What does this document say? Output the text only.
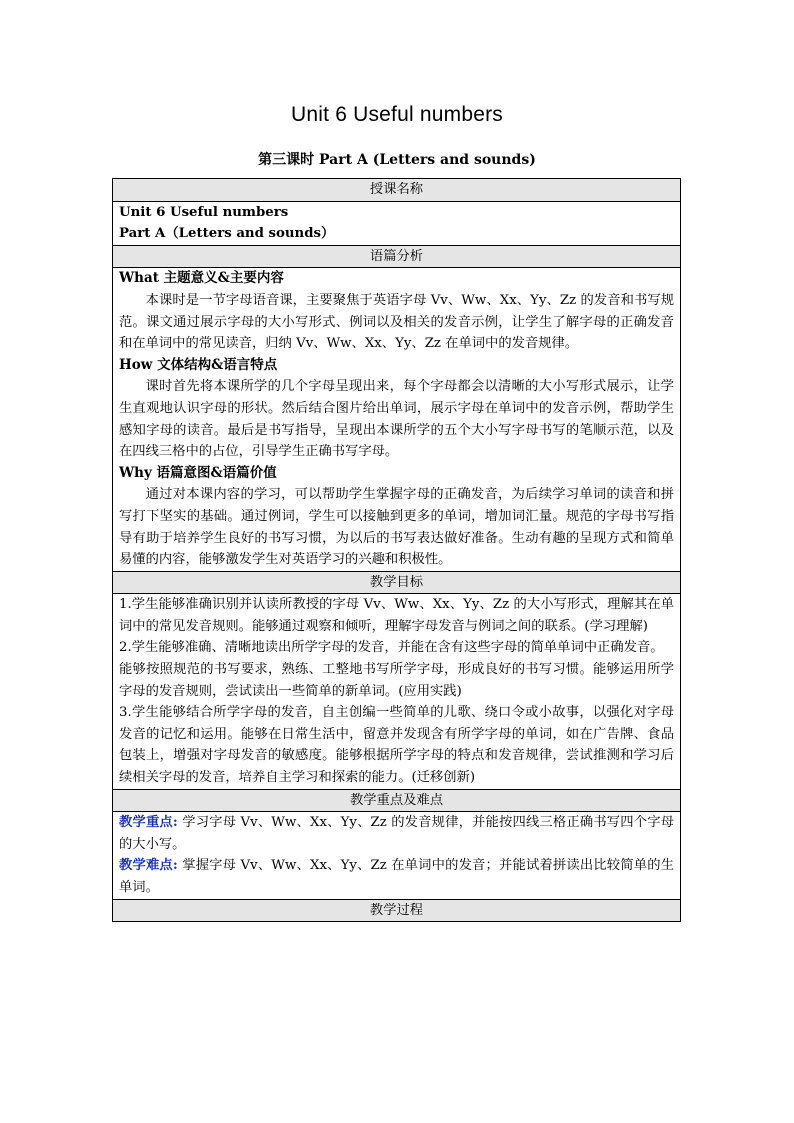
Unit 6 Useful numbers
第三课时 Part A (Letters and sounds)
授课名称

Unit 6 Useful numbers

Part A（Letters and sounds）

语篇分析

What 主题意义&主要内容

本课时是一节字母语音课，主要聚焦于英语字母 Vv、Ww、Xx、Yy、Zz 的发音和书写规范。课文通过展示字母的大小写形式、例词以及相关的发音示例，让学生了解字母的正确发音和在单词中的常见读音，归纳 Vv、Ww、Xx、Yy、Zz 在单词中的发音规律。

How 文体结构&语言特点

课时首先将本课所学的几个字母呈现出来，每个字母都会以清晰的大小写形式展示，让学生直观地认识字母的形状。然后结合图片给出单词，展示字母在单词中的发音示例，帮助学生感知字母的读音。最后是书写指导，呈现出本课所学的五个大小写字母书写的笔顺示范，以及在四线三格中的占位，引导学生正确书写字母。

Why 语篇意图&语篇价值

通过对本课内容的学习，可以帮助学生掌握字母的正确发音，为后续学习单词的读音和拼写打下坚实的基础。通过例词，学生可以接触到更多的单词，增加词汇量。规范的字母书写指导有助于培养学生良好的书写习惯，为以后的书写表达做好准备。生动有趣的呈现方式和简单易懂的内容，能够激发学生对英语学习的兴趣和积极性。

教学目标

1.学生能够准确识别并认读所教授的字母 Vv、Ww、Xx、Yy、Zz 的大小写形式，理解其在单词中的常见发音规则。能够通过观察和倾听，理解字母发音与例词之间的联系。(学习理解)

2.学生能够准确、清晰地读出所学字母的发音，并能在含有这些字母的简单单词中正确发音。

能够按照规范的书写要求，熟练、工整地书写所学字母，形成良好的书写习惯。能够运用所学字母的发音规则，尝试读出一些简单的新单词。(应用实践)

3.学生能够结合所学字母的发音，自主创编一些简单的儿歌、绕口令或小故事，以强化对字母发音的记忆和运用。能够在日常生活中，留意并发现含有所学字母的单词，如在广告牌、食品包装上，增强对字母发音的敏感度。能够根据所学字母的特点和发音规律，尝试推测和学习后续相关字母的发音，培养自主学习和探索的能力。(迁移创新)

教学重点及难点

教学重点: 学习字母 Vv、Ww、Xx、Yy、Zz 的发音规律，并能按四线三格正确书写四个字母的大小写。

教学难点: 掌握字母 Vv、Ww、Xx、Yy、Zz 在单词中的发音；并能试着拼读出比较简单的生单词。

教学过程
